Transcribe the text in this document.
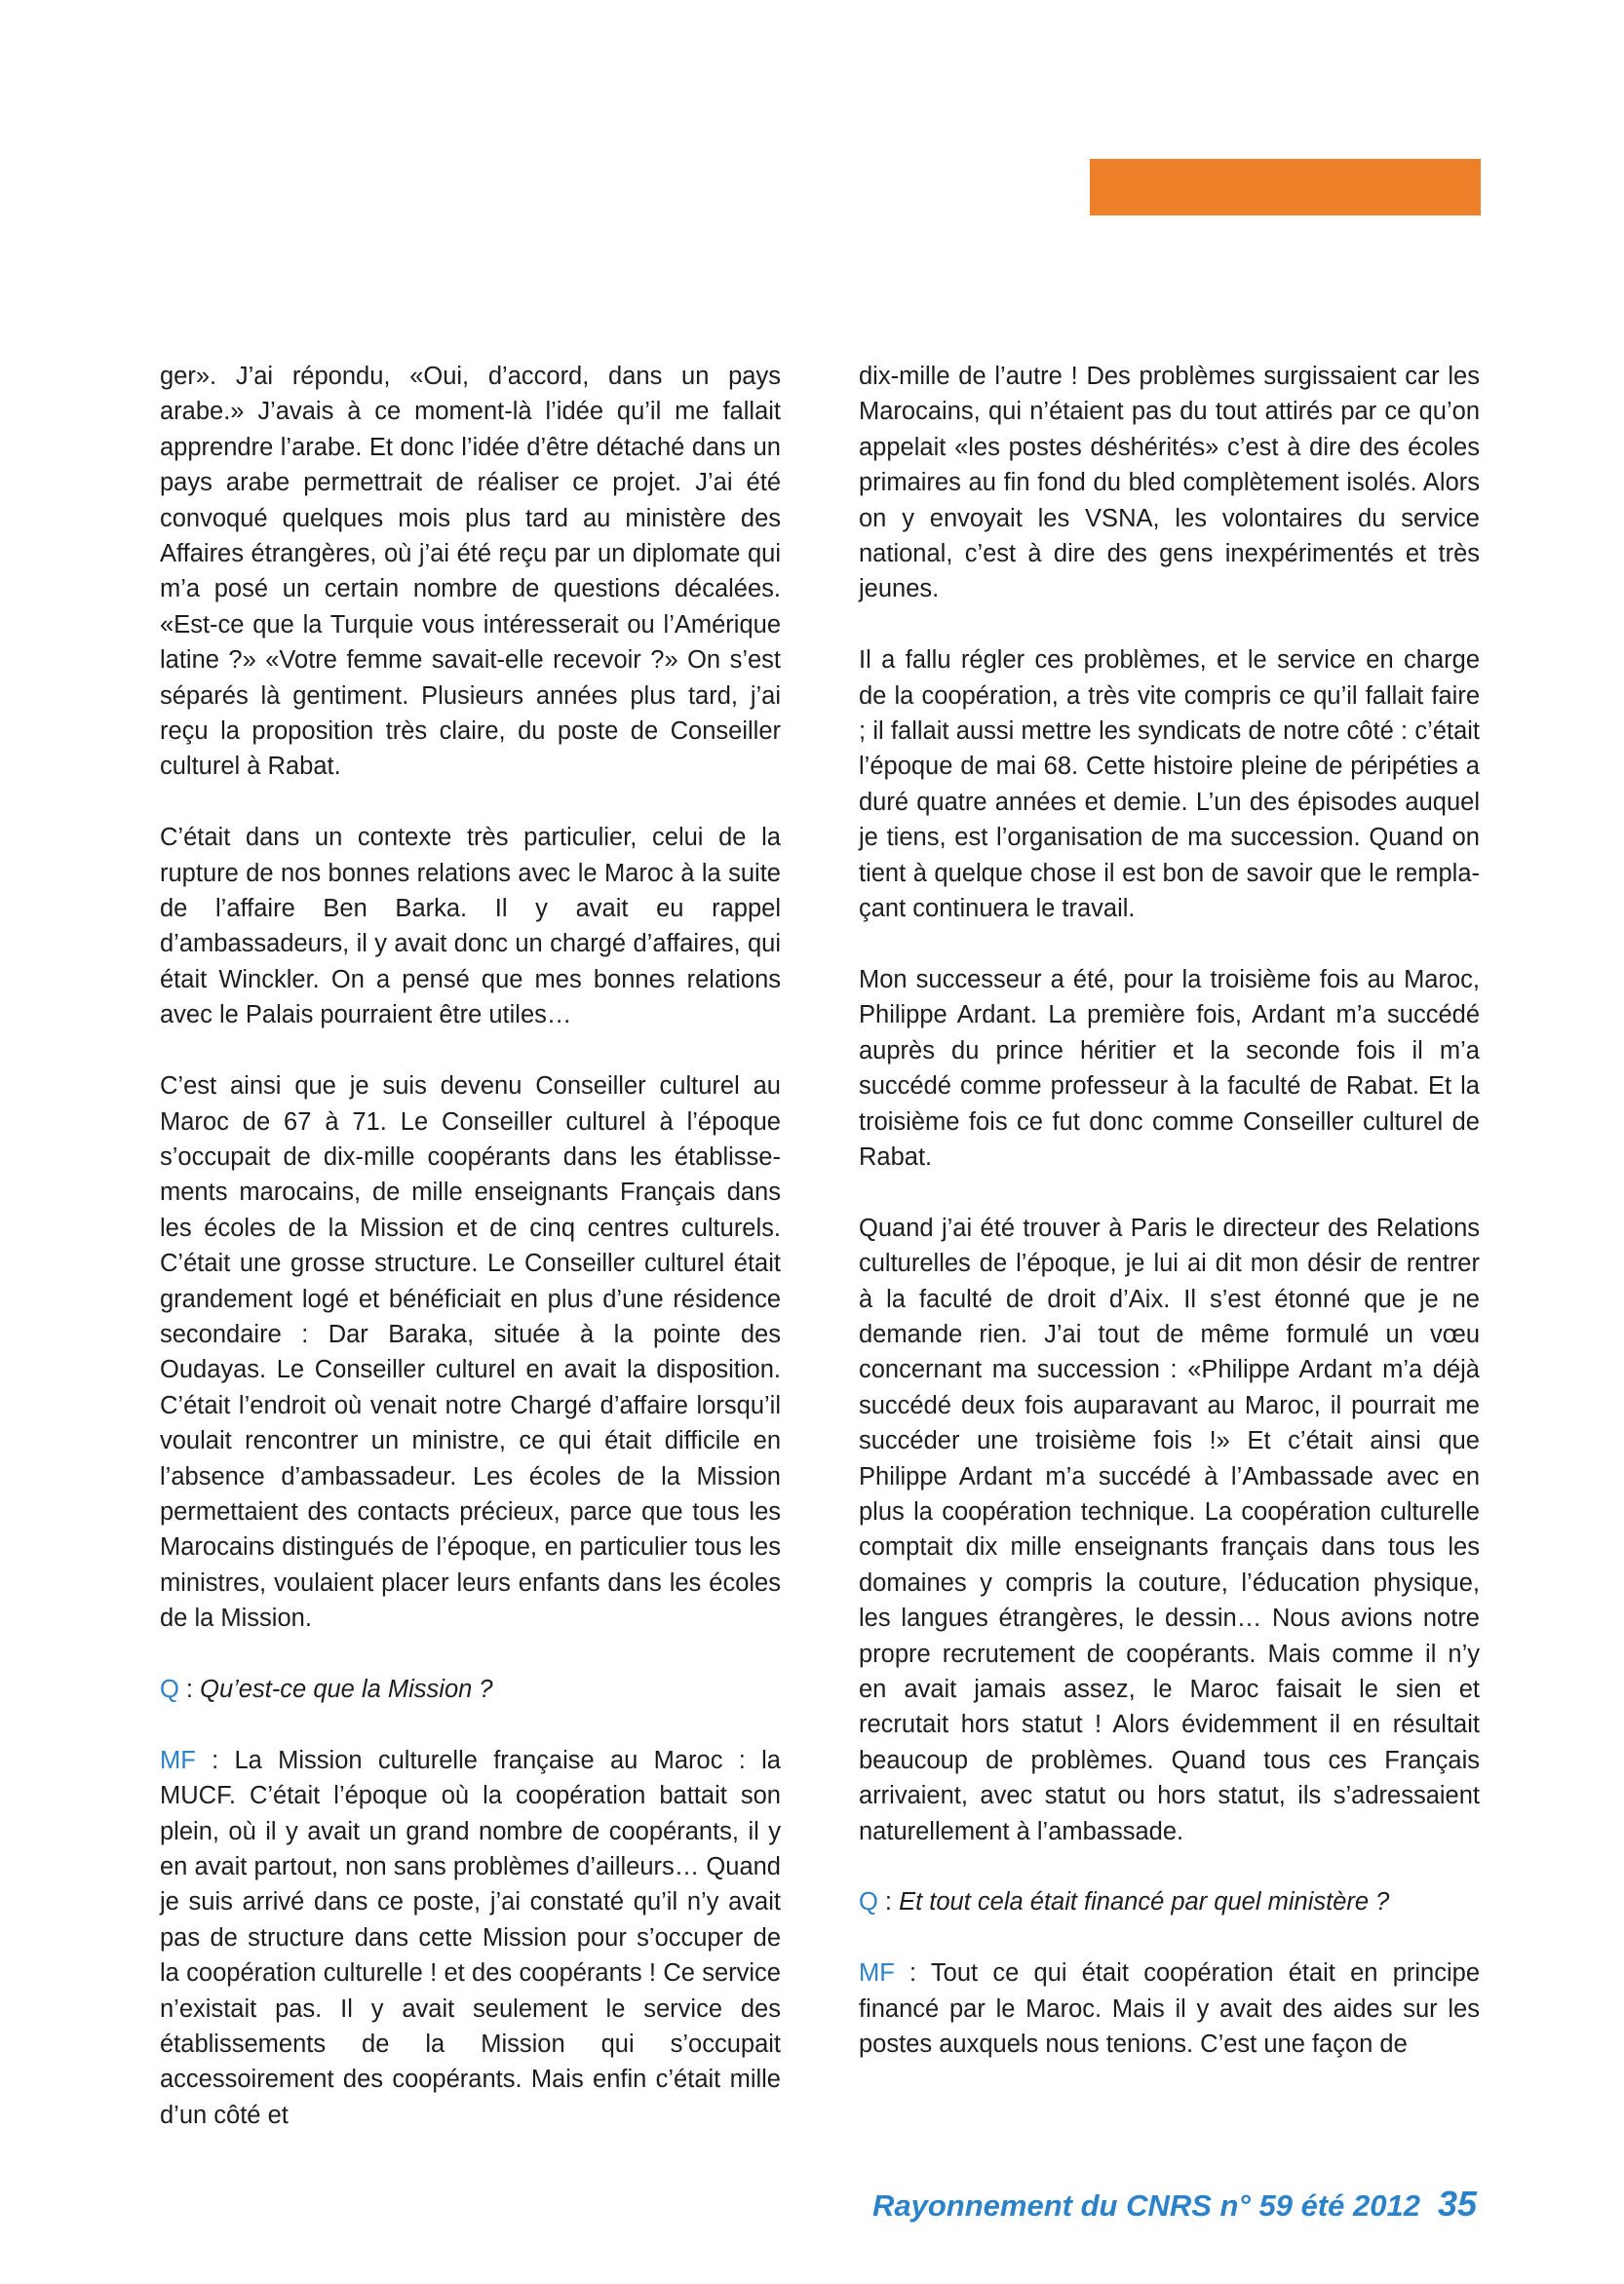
ger». J’ai répondu, «Oui, d’accord, dans un pays arabe.» J’avais à ce moment-là l’idée qu’il me fallait apprendre l’arabe. Et donc l’idée d’être détaché dans un pays arabe permettrait de réaliser ce projet. J’ai été convoqué quelques mois plus tard au ministère des Affaires étrangères, où j’ai été reçu par un diplomate qui m’a posé un certain nombre de questions décalées. «Est-ce que la Turquie vous intéresserait ou l’Amérique latine ?» «Votre femme savait-elle recevoir ?» On s’est séparés là gentiment. Plusieurs années plus tard, j’ai reçu la proposition très claire, du poste de Conseiller culturel à Rabat.

C’était dans un contexte très particulier, celui de la rupture de nos bonnes relations avec le Maroc à la suite de l’affaire Ben Barka. Il y avait eu rappel d’ambassadeurs, il y avait donc un chargé d’affaires, qui était Winckler. On a pensé que mes bonnes relations avec le Palais pourraient être utiles…

C’est ainsi que je suis devenu Conseiller culturel au Maroc de 67 à 71. Le Conseiller culturel à l’époque s’occupait de dix-mille coopérants dans les établissements marocains, de mille enseignants Français dans les écoles de la Mission et de cinq centres culturels. C’était une grosse structure. Le Conseiller culturel était grandement logé et bénéficiait en plus d’une résidence secondaire : Dar Baraka, située à la pointe des Oudayas. Le Conseiller culturel en avait la disposition. C’était l’endroit où venait notre Chargé d’affaire lorsqu’il voulait rencontrer un ministre, ce qui était difficile en l’absence d’ambassadeur. Les écoles de la Mission permettaient des contacts précieux, parce que tous les Marocains distingués de l’époque, en particulier tous les ministres, voulaient placer leurs enfants dans les écoles de la Mission.

Q : Qu’est-ce que la Mission ?

MF : La Mission culturelle française au Maroc : la MUCF. C’était l’époque où la coopération battait son plein, où il y avait un grand nombre de coopérants, il y en avait partout, non sans problèmes d’ailleurs… Quand je suis arrivé dans ce poste, j’ai constaté qu’il n’y avait pas de structure dans cette Mission pour s’occuper de la coopération culturelle ! et des coopérants ! Ce service n’existait pas. Il y avait seulement le service des établissements de la Mission qui s’occupait accessoirement des coopérants. Mais enfin c’était mille d’un côté et

dix-mille de l’autre ! Des problèmes surgissaient car les Marocains, qui n’étaient pas du tout attirés par ce qu’on appelait «les postes déshérités» c’est à dire des écoles primaires au fin fond du bled complètement isolés. Alors on y envoyait les VSNA, les volontaires du service national, c’est à dire des gens inexpérimentés et très jeunes.

Il a fallu régler ces problèmes, et le service en charge de la coopération, a très vite compris ce qu’il fallait faire ; il fallait aussi mettre les syndicats de notre côté : c’était l’époque de mai 68. Cette histoire pleine de péripéties a duré quatre années et demie. L’un des épisodes auquel je tiens, est l’organisation de ma succession. Quand on tient à quelque chose il est bon de savoir que le remplaçant continuera le travail.

Mon successeur a été, pour la troisième fois au Maroc, Philippe Ardant. La première fois, Ardant m’a succédé auprès du prince héritier et la seconde fois il m’a succédé comme professeur à la faculté de Rabat. Et la troisième fois ce fut donc comme Conseiller culturel de Rabat.

Quand j’ai été trouver à Paris le directeur des Relations culturelles de l’époque, je lui ai dit mon désir de rentrer à la faculté de droit d’Aix. Il s’est étonné que je ne demande rien. J’ai tout de même formulé un vœu concernant ma succession : «Philippe Ardant m’a déjà succédé deux fois auparavant au Maroc, il pourrait me succéder une troisième fois !» Et c’était ainsi que Philippe Ardant m’a succédé à l’Ambassade avec en plus la coopération technique. La coopération culturelle comptait dix mille enseignants français dans tous les domaines y compris la couture, l’éducation physique, les langues étrangères, le dessin… Nous avions notre propre recrutement de coopérants. Mais comme il n’y en avait jamais assez, le Maroc faisait le sien et recrutait hors statut ! Alors évidemment il en résultait beaucoup de problèmes. Quand tous ces Français arrivaient, avec statut ou hors statut, ils s’adressaient naturellement à l’ambassade.

Q : Et tout cela était financé par quel ministère ?

MF : Tout ce qui était coopération était en principe financé par le Maroc. Mais il y avait des aides sur les postes auxquels nous tenions. C’est une façon de

Rayonnement du CNRS n° 59 été 2012 35
